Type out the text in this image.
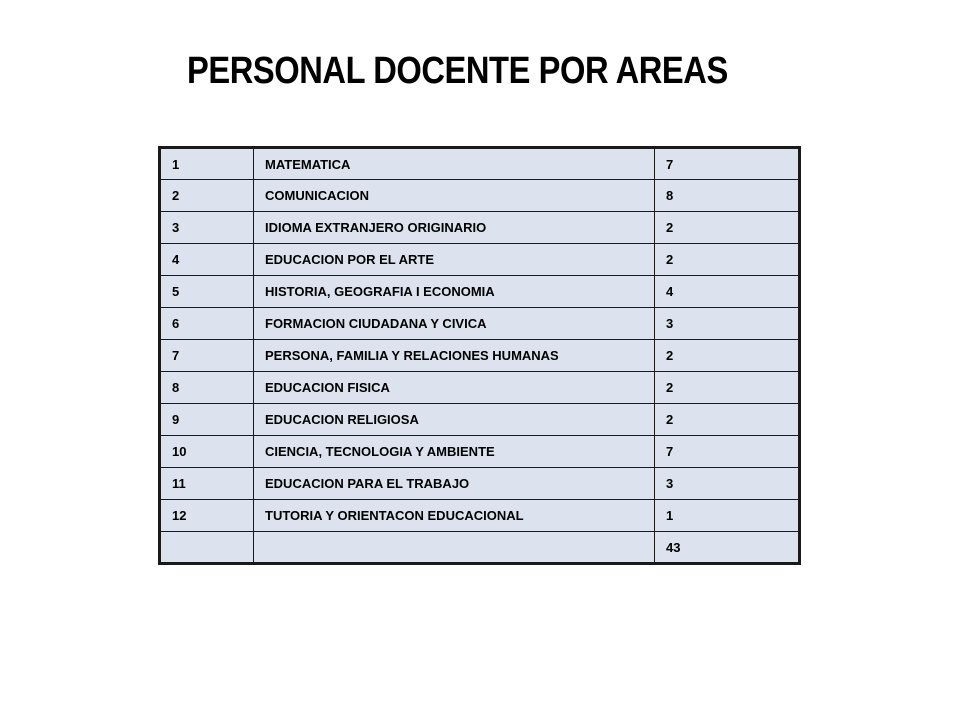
PERSONAL DOCENTE POR AREAS
1	MATEMATICA	7
2	COMUNICACION	8
3	IDIOMA EXTRANJERO ORIGINARIO	2
4	EDUCACION POR EL ARTE	2
5	HISTORIA, GEOGRAFIA I ECONOMIA	4
6	FORMACION CIUDADANA Y CIVICA	3
7	PERSONA, FAMILIA Y RELACIONES HUMANAS	2
8	EDUCACION FISICA	2
9	EDUCACION RELIGIOSA	2
10	CIENCIA, TECNOLOGIA Y AMBIENTE	7
11	EDUCACION PARA EL TRABAJO	3
12	TUTORIA Y ORIENTACON EDUCACIONAL	1
		43
